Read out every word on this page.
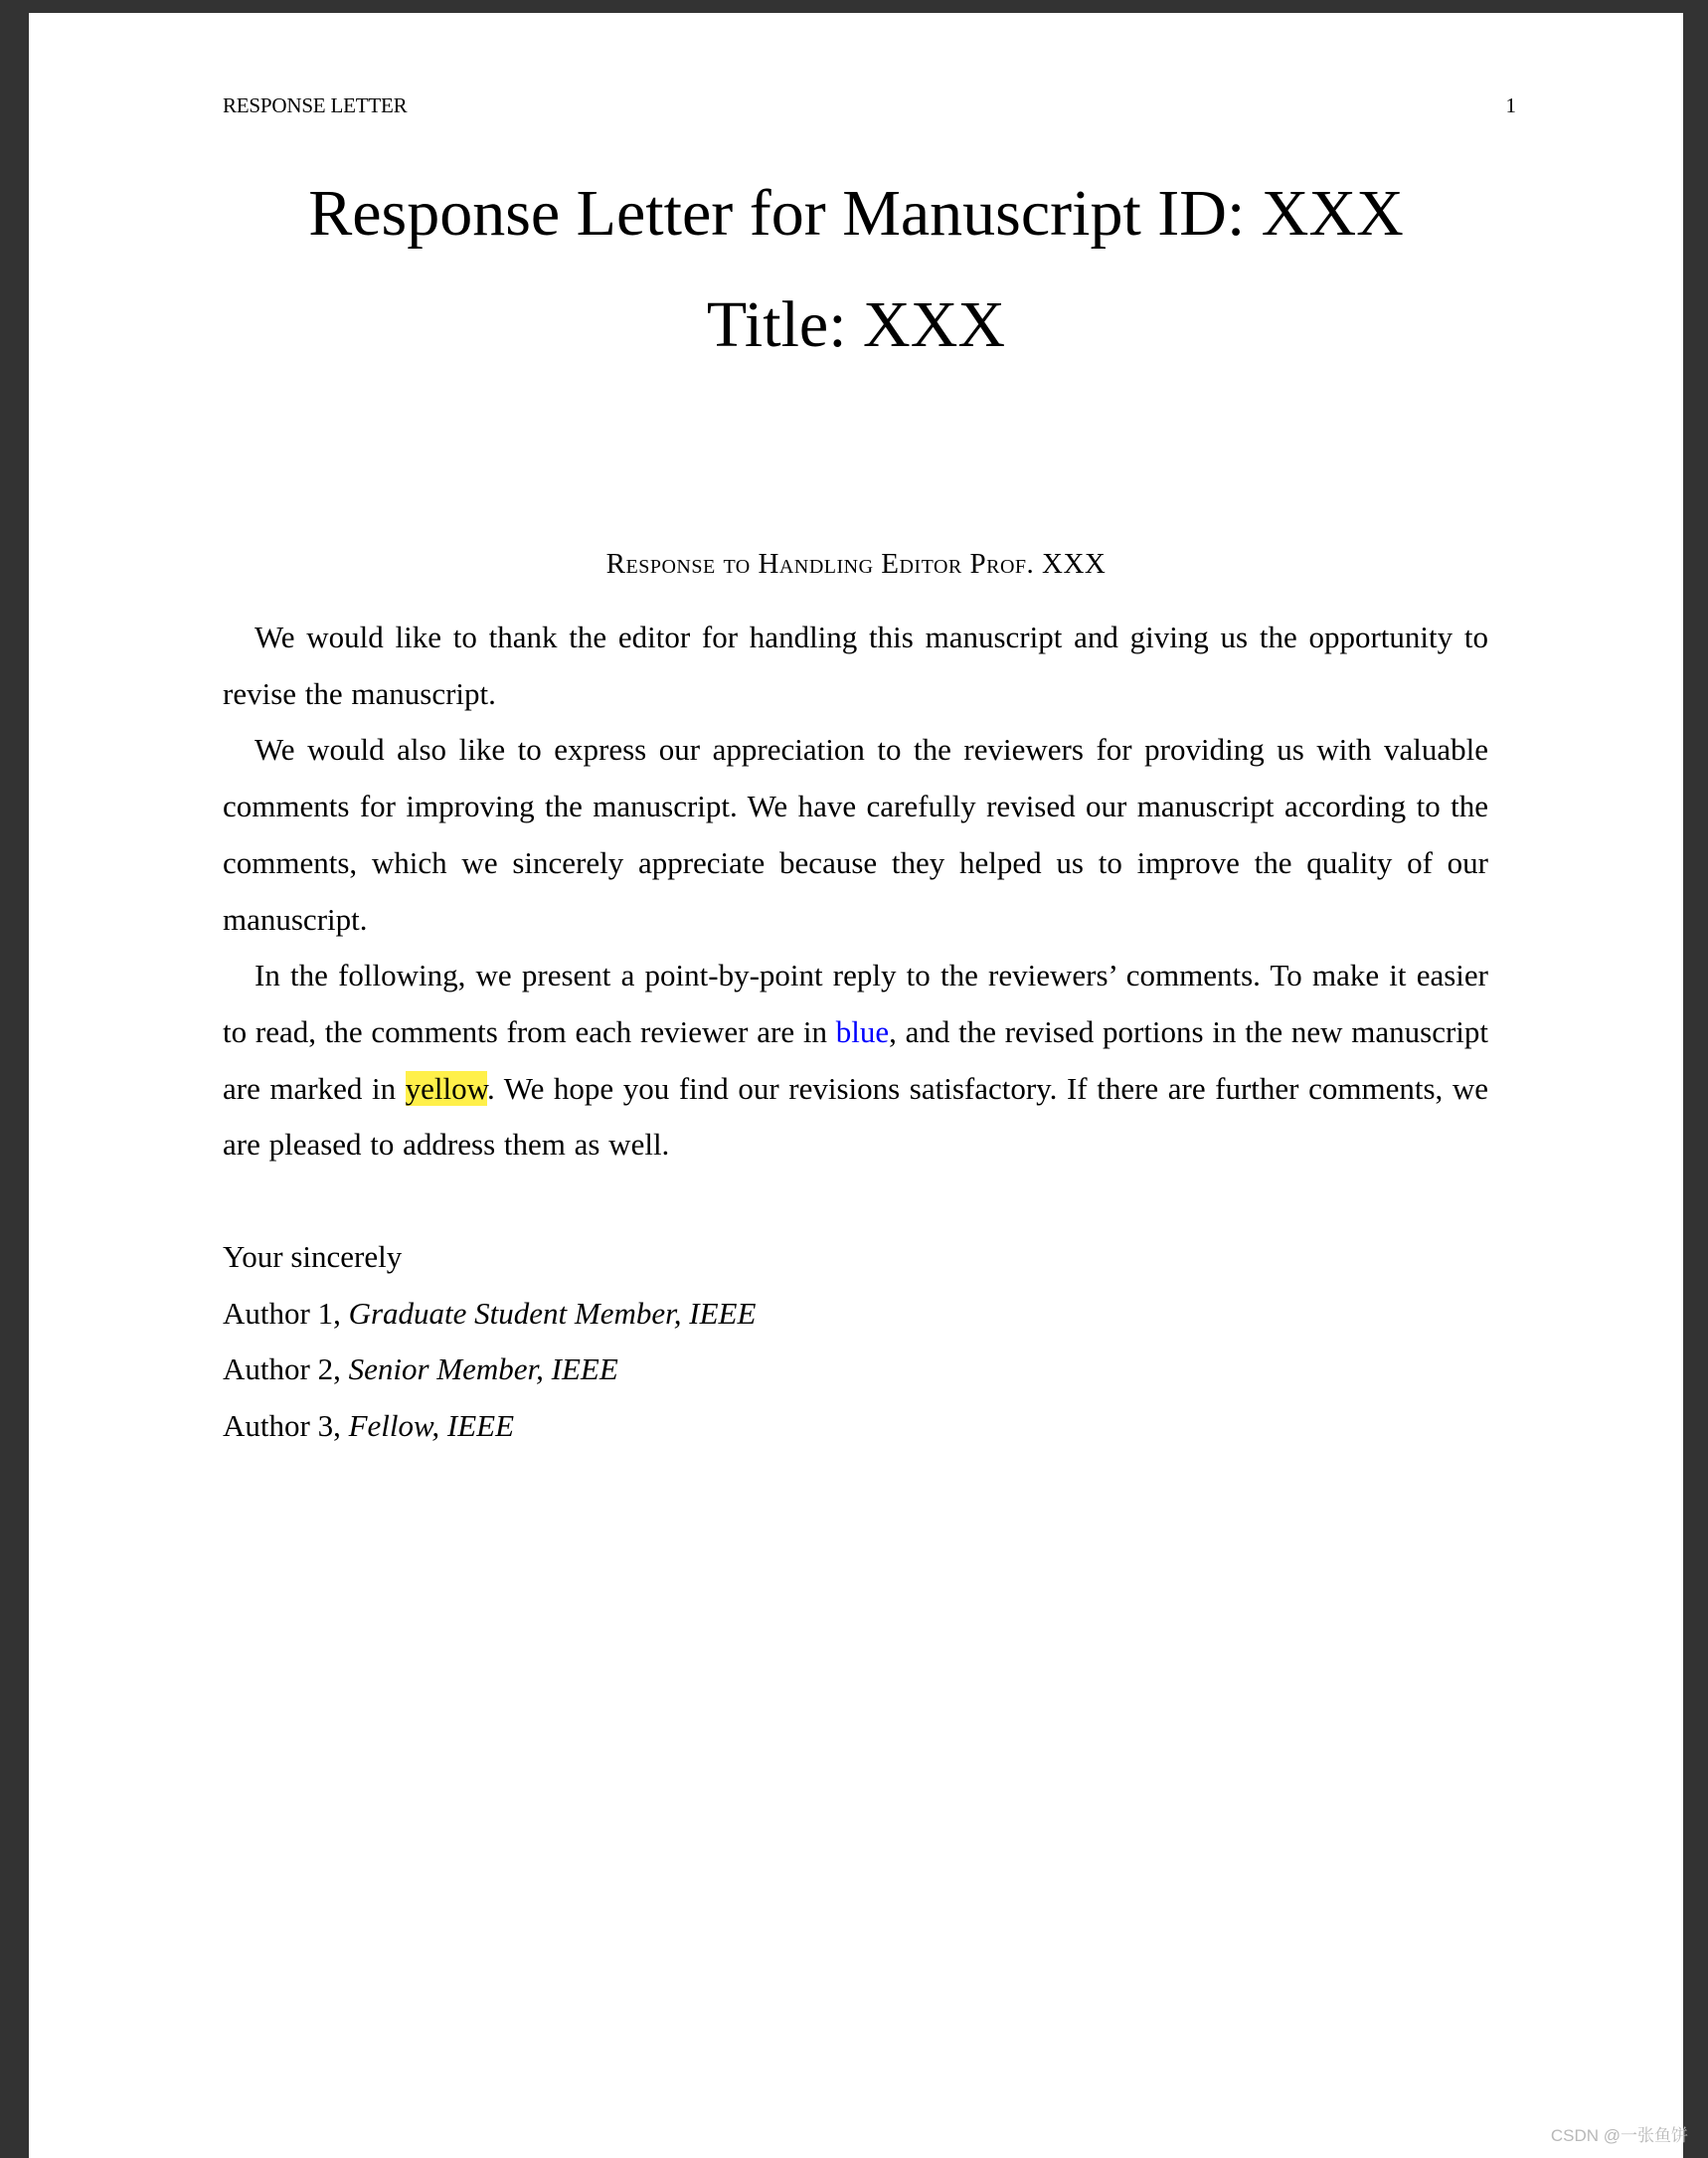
RESPONSE LETTER	1
Response Letter for Manuscript ID: XXX
Title: XXX
Response to Handling Editor Prof. XXX

We would like to thank the editor for handling this manuscript and giving us the opportunity to revise the manuscript.

We would also like to express our appreciation to the reviewers for providing us with valuable comments for improving the manuscript. We have carefully revised our manuscript according to the comments, which we sincerely appreciate because they helped us to improve the quality of our manuscript.

In the following, we present a point-by-point reply to the reviewers’ comments. To make it easier to read, the comments from each reviewer are in blue, and the revised portions in the new manuscript are marked in yellow. We hope you find our revisions satisfactory. If there are further comments, we are pleased to address them as well.

Your sincerely
Author 1, Graduate Student Member, IEEE
Author 2, Senior Member, IEEE
Author 3, Fellow, IEEE
CSDN @一张鱼饼
